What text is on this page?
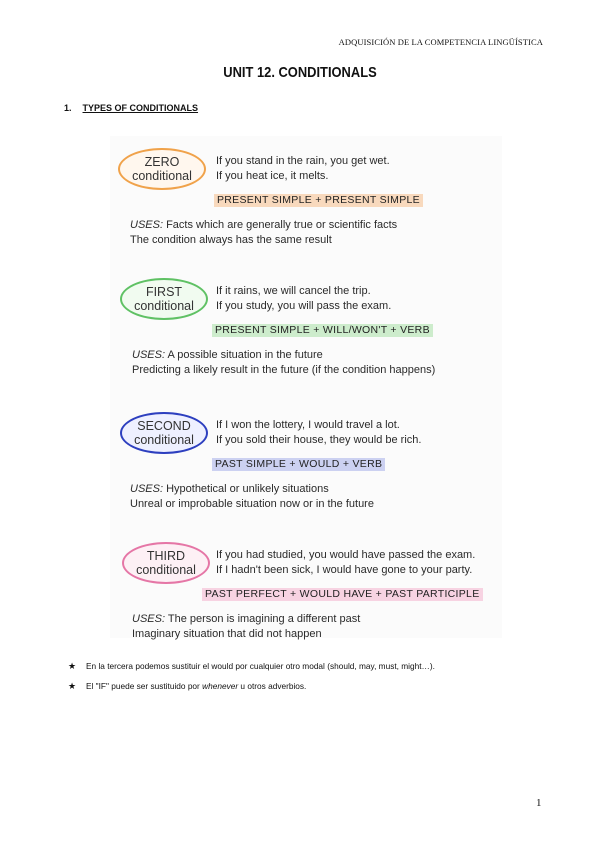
ADQUISICIÓN DE LA COMPETENCIA LINGÜÍSTICA
UNIT 12. CONDITIONALS
1. TYPES OF CONDITIONALS
ZERO
conditional
If you stand in the rain, you get wet.
If you heat ice, it melts.
PRESENT SIMPLE + PRESENT SIMPLE
USES: Facts which are generally true or scientific facts
The condition always has the same result
FIRST
conditional
If it rains, we will cancel the trip.
If you study, you will pass the exam.
PRESENT SIMPLE + WILL/WON'T + VERB
USES: A possible situation in the future
Predicting a likely result in the future (if the condition happens)
SECOND
conditional
If I won the lottery, I would travel a lot.
If you sold their house, they would be rich.
PAST SIMPLE + WOULD + VERB
USES: Hypothetical or unlikely situations
Unreal or improbable situation now or in the future
THIRD
conditional
If you had studied, you would have passed the exam.
If I hadn't been sick, I would have gone to your party.
PAST PERFECT + WOULD HAVE + PAST PARTICIPLE
USES: The person is imagining a different past
Imaginary situation that did not happen
★ En la tercera podemos sustituir el would por cualquier otro modal (should, may, must, might…).
★ El "IF" puede ser sustituido por whenever u otros adverbios.
1
